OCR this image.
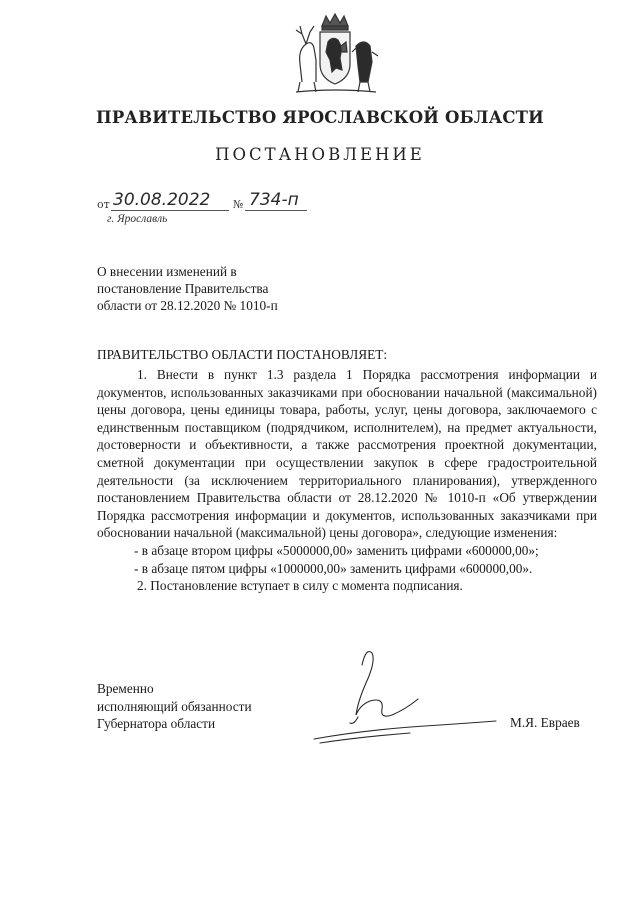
ПРАВИТЕЛЬСТВО ЯРОСЛАВСКОЙ ОБЛАСТИ
ПОСТАНОВЛЕНИЕ
от 30.08.2022 № 734-п
г. Ярославль
О внесении изменений в
постановление Правительства
области от 28.12.2020 № 1010-п
ПРАВИТЕЛЬСТВО ОБЛАСТИ ПОСТАНОВЛЯЕТ:

1. Внести в пункт 1.3 раздела 1 Порядка рассмотрения информации и документов, использованных заказчиками при обосновании начальной (максимальной) цены договора, цены единицы товара, работы, услуг, цены договора, заключаемого с единственным поставщиком (подрядчиком, исполнителем), на предмет актуальности, достоверности и объективности, а также рассмотрения проектной документации, сметной документации при осуществлении закупок в сфере градостроительной деятельности (за исключением территориального планирования), утвержденного постановлением Правительства области от 28.12.2020 № 1010-п «Об утверждении Порядка рассмотрения информации и документов, использованных заказчиками при обосновании начальной (максимальной) цены договора», следующие изменения:

- в абзаце втором цифры «5000000,00» заменить цифрами «600000,00»;

- в абзаце пятом цифры «1000000,00» заменить цифрами «600000,00».

2. Постановление вступает в силу с момента подписания.

Временно
исполняющий обязанности
Губернатора области	М.Я. Евраев
